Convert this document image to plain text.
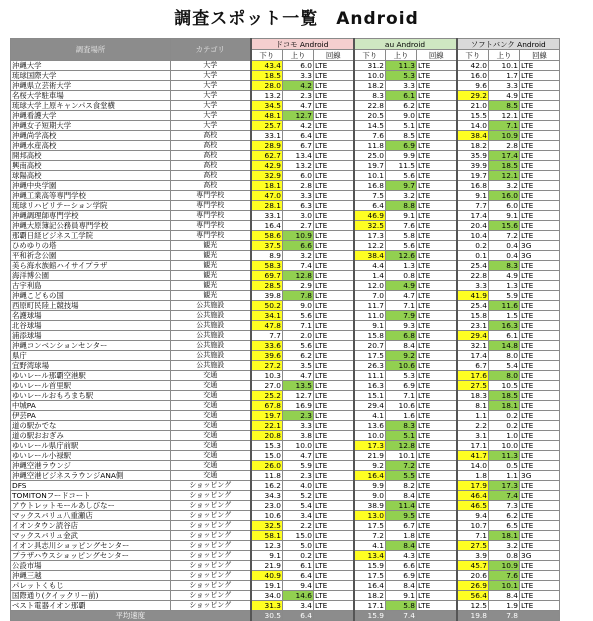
調査スポット一覧　Android
調査場所	カテゴリ	ドコモ Android			au Android			ソフトバンク Android		
		下り	上り	回線	下り	上り	回線	下り	上り	回線
沖縄大学	大学	43.4	6.0	LTE	31.2	11.3	LTE	42.0	10.1	LTE
琉球国際大学	大学	18.5	3.3	LTE	10.0	5.3	LTE	16.0	1.7	LTE
沖縄県立芸術大学	大学	28.0	4.2	LTE	18.2	3.3	LTE	9.6	3.3	LTE
名桜大学駐車場	大学	13.2	2.3	LTE	8.3	6.1	LTE	29.2	4.9	LTE
琉球大学上原キャンパス食堂横	大学	34.5	4.7	LTE	22.8	6.2	LTE	21.0	8.5	LTE
沖縄看護大学	大学	48.1	12.7	LTE	20.5	9.0	LTE	15.5	12.1	LTE
沖縄女子短期大学	大学	25.7	4.2	LTE	14.5	5.1	LTE	14.0	7.1	LTE
沖縄尚学高校	高校	33.1	6.4	LTE	7.6	8.5	LTE	38.4	10.9	LTE
沖縄水産高校	高校	28.9	6.7	LTE	11.8	6.9	LTE	18.2	2.8	LTE
開邦高校	高校	62.7	13.4	LTE	25.0	9.9	LTE	35.9	17.4	LTE
興南高校	高校	42.9	13.2	LTE	19.7	11.5	LTE	39.9	18.5	LTE
球陽高校	高校	32.9	6.0	LTE	10.1	5.6	LTE	19.7	12.1	LTE
沖縄中央学園	高校	18.1	2.8	LTE	16.8	9.7	LTE	16.8	3.2	LTE
沖縄工業高等専門学校	専門学校	47.0	3.3	LTE	7.5	3.2	LTE	9.1	16.0	LTE
琉球リハビリテーション学院	専門学校	28.1	6.3	LTE	6.4	8.8	LTE	7.7	6.0	LTE
沖縄調理師専門学校	専門学校	33.1	3.0	LTE	46.9	9.1	LTE	17.4	9.1	LTE
沖縄大原簿記公務員専門学校	専門学校	16.4	2.7	LTE	32.5	7.6	LTE	20.4	15.6	LTE
那覇日経ビジネス工学院	専門学校	58.6	10.9	LTE	17.3	5.8	LTE	10.4	7.2	LTE
ひめゆりの塔	観光	37.5	6.6	LTE	12.2	5.6	LTE	0.2	0.4	3G
平和祈念公園	観光	8.9	3.2	LTE	38.4	12.6	LTE	0.1	0.4	3G
美ら海水族館ハイサイプラザ	観光	58.3	7.4	LTE	4.4	1.3	LTE	25.4	8.3	LTE
海洋博公園	観光	69.7	12.8	LTE	1.4	0.8	LTE	22.8	4.9	LTE
古宇利島	観光	28.5	2.9	LTE	12.0	4.9	LTE	3.3	1.3	LTE
沖縄こどもの国	観光	39.8	7.8	LTE	7.0	4.7	LTE	41.9	5.9	LTE
西原町民陸上競技場	公共施設	50.2	9.0	LTE	11.7	7.1	LTE	25.4	11.6	LTE
名護球場	公共施設	34.1	5.6	LTE	11.0	7.9	LTE	15.8	1.5	LTE
北谷球場	公共施設	47.8	7.1	LTE	9.1	9.3	LTE	23.1	16.3	LTE
浦添球場	公共施設	7.7	2.0	LTE	15.8	6.8	LTE	29.4	6.1	LTE
沖縄コンベンションセンター	公共施設	33.6	5.6	LTE	20.7	8.4	LTE	32.1	14.8	LTE
県庁	公共施設	39.6	6.2	LTE	17.5	9.2	LTE	17.4	8.0	LTE
宜野湾球場	公共施設	27.2	3.5	LTE	26.3	10.6	LTE	6.7	5.4	LTE
ゆいレール那覇空港駅	交通	10.3	4.7	LTE	11.1	5.3	LTE	17.6	8.0	LTE
ゆいレール首里駅	交通	27.0	13.5	LTE	16.3	6.9	LTE	27.5	10.5	LTE
ゆいレールおもろまち駅	交通	25.2	12.7	LTE	15.1	7.1	LTE	18.3	18.5	LTE
中城PA	交通	67.8	16.9	LTE	29.4	10.6	LTE	8.1	18.1	LTE
伊芸PA	交通	19.7	2.3	LTE	4.1	1.6	LTE	1.1	0.2	LTE
道の駅かでな	交通	22.1	3.3	LTE	13.6	8.3	LTE	2.2	0.2	LTE
道の駅おおぎみ	交通	20.8	3.8	LTE	10.0	5.1	LTE	3.1	1.0	LTE
ゆいレール県庁前駅	交通	15.3	10.0	LTE	17.3	12.8	LTE	17.1	10.0	LTE
ゆいレール小禄駅	交通	15.0	4.7	LTE	21.9	10.1	LTE	41.7	11.3	LTE
沖縄空港ラウンジ	交通	26.0	5.9	LTE	9.2	7.2	LTE	14.0	0.5	LTE
沖縄空港ビジネスラウンジANA側	交通	11.8	2.3	LTE	16.4	5.5	LTE	1.8	1.1	3G
DFS	ショッピング	16.2	4.0	LTE	9.9	8.2	LTE	17.9	17.3	LTE
TOMITONフードコート	ショッピング	34.3	5.2	LTE	9.0	8.4	LTE	46.4	7.4	LTE
アウトレットモールあしびなー	ショッピング	23.0	5.4	LTE	38.9	11.4	LTE	46.5	7.3	LTE
マックスバリュ八重瀬店	ショッピング	10.6	3.4	LTE	13.0	9.5	LTE	9.4	6.2	LTE
イオンタウン読谷店	ショッピング	32.5	2.2	LTE	17.5	6.7	LTE	10.7	6.5	LTE
マックスバリュ金武	ショッピング	58.1	15.0	LTE	7.2	1.8	LTE	7.1	18.1	LTE
イオン具志川ショッピングセンター	ショッピング	12.3	5.0	LTE	4.1	8.4	LTE	27.5	3.2	LTE
プラザハウスショッピングセンター	ショッピング	9.1	0.2	LTE	13.4	4.3	LTE	3.9	0.8	3G
公設市場	ショッピング	21.9	6.1	LTE	15.9	6.6	LTE	45.7	10.9	LTE
沖縄三越	ショッピング	40.9	6.4	LTE	17.5	6.9	LTE	20.6	7.6	LTE
パレットくもじ	ショッピング	19.1	9.4	LTE	16.4	8.4	LTE	26.9	10.1	LTE
国際通り(クイックリー前)	ショッピング	34.0	14.6	LTE	18.2	9.1	LTE	56.4	8.4	LTE
ベスト電器イオン那覇	ショッピング	31.3	3.4	LTE	17.1	5.8	LTE	12.5	1.9	LTE
平均速度		30.5	6.4		15.9	7.4		19.8	7.8	
